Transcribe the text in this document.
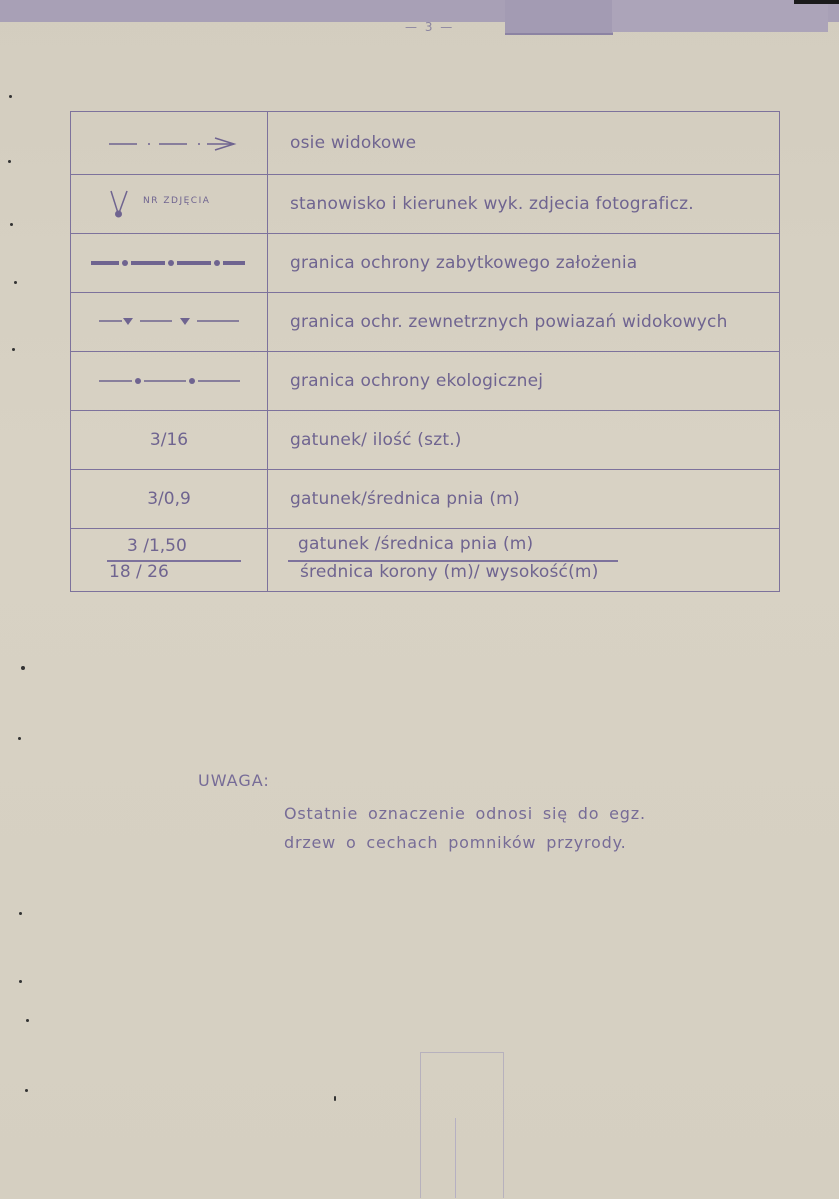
— 3 —
	osie widokowe

NR ZDJĘCIA	stanowisko i kierunek wyk. zdjecia fotograficz.
	granica ochrony zabytkowego założenia
	granica ochr. zewnetrznych powiazań widokowych
	granica ochrony ekologicznej
3/16	gatunek/ ilość (szt.)
3/0,9	gatunek/średnica pnia (m)

$\frac{3 /1,50}{18 / 26}$	gatunek /średnica pnia (m)
średnica korony (m)/ wysokość(m)
UWAGA:
Ostatnie oznaczenie odnosi się do egz.
drzew o cechach pomników przyrody.
